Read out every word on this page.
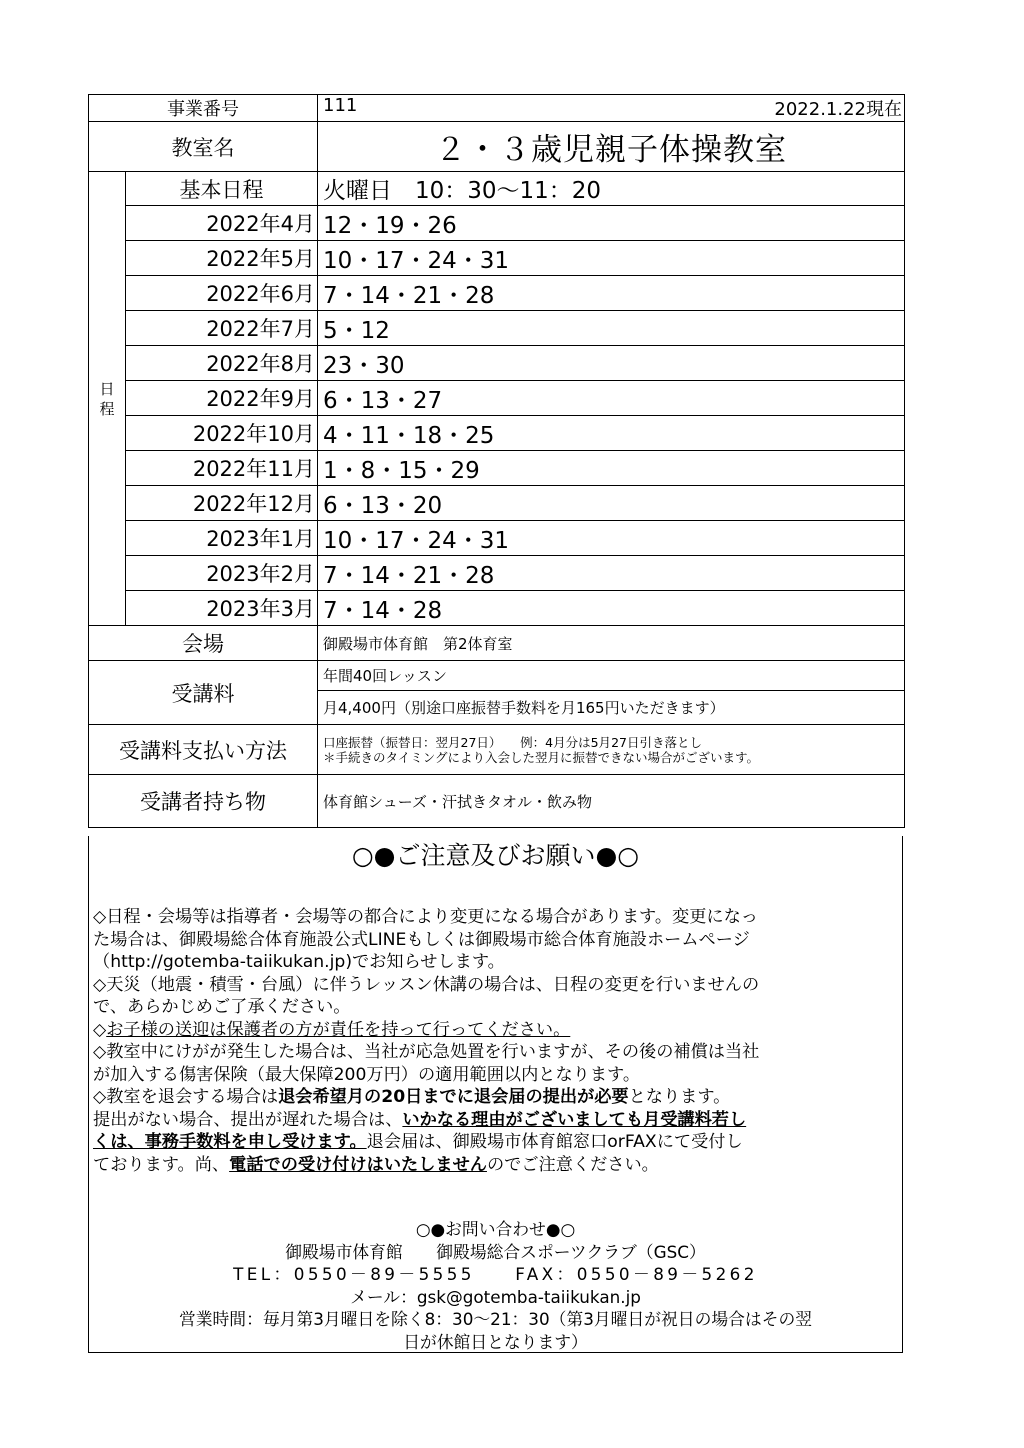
事業番号		111 2022.1.22現在

教室名		２・３歳児親子体操教室

日
程	基本日程	火曜日　10：30～11：20
	2022年4月	12・19・26
	2022年5月	10・17・24・31
	2022年6月	7・14・21・28
	2022年7月	5・12
	2022年8月	23・30
	2022年9月	6・13・27
	2022年10月	4・11・18・25
	2022年11月	1・8・15・29
	2022年12月	6・13・20
	2023年1月	10・17・24・31
	2023年2月	7・14・21・28
	2023年3月	7・14・28
会場		御殿場市体育館　第2体育室
受講料		年間40回レッスン
		月4,400円（別途口座振替手数料を月165円いただきます）
受講料支払い方法		口座振替（振替日：翌月27日）　　例：4月分は5月27日引き落とし
＊手続きのタイミングにより入会した翌月に振替できない場合がございます。

受講者持ち物		体育館シューズ・汗拭きタオル・飲み物
○●ご注意及びお願い●○

◇日程・会場等は指導者・会場等の都合により変更になる場合があります。変更になっ

た場合は、御殿場総合体育施設公式LINEもしくは御殿場市総合体育施設ホームページ

（http://gotemba-taiikukan.jp)でお知らせします。

◇天災（地震・積雪・台風）に伴うレッスン休講の場合は、日程の変更を行いませんの

で、あらかじめご了承ください。

◇お子様の送迎は保護者の方が責任を持って行ってください。

◇教室中にけがが発生した場合は、当社が応急処置を行いますが、その後の補償は当社

が加入する傷害保険（最大保障200万円）の適用範囲以内となります。

◇教室を退会する場合は退会希望月の20日までに退会届の提出が必要となります。

提出がない場合、提出が遅れた場合は、いかなる理由がございましても月受講料若し

くは、事務手数料を申し受けます。退会届は、御殿場市体育館窓口orFAXにて受付し

ております。尚、電話での受け付けはいたしませんのでご注意ください。

○●お問い合わせ●○

御殿場市体育館　　御殿場総合スポーツクラブ（GSC）

TEL：0550－89－5555　　FAX：0550－89－5262

メール：gsk@gotemba-taiikukan.jp

営業時間：毎月第3月曜日を除く8：30～21：30（第3月曜日が祝日の場合はその翌

日が休館日となります）
